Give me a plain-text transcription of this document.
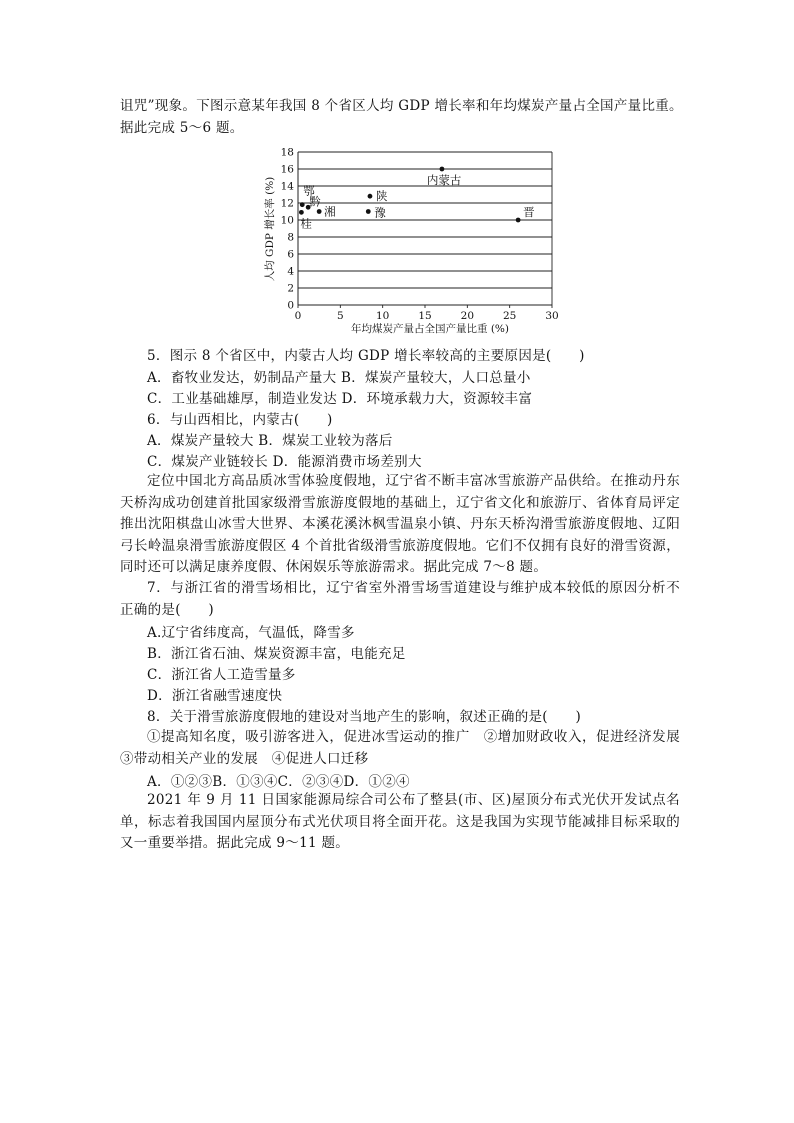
诅咒”现象。下图示意某年我国 8 个省区人均 GDP 增长率和年均煤炭产量占全国产量比重。
据此完成 5～6 题。
0
2
4
6
8
10
12
14
16
18
0	5	10	15	20	25	30
内蒙古
陕
豫	晋
鄂
黔
湘
桂
年均煤炭产量占全国产量比重 (%)
人均 GDP 增长率 (%)
5．图示 8 个省区中，内蒙古人均 GDP 增长率较高的主要原因是(　　)
A．畜牧业发达，奶制品产量大 B．煤炭产量较大，人口总量小
C．工业基础雄厚，制造业发达 D．环境承载力大，资源较丰富
6．与山西相比，内蒙古(　　)
A．煤炭产量较大 B．煤炭工业较为落后
C．煤炭产业链较长 D．能源消费市场差别大
定位中国北方高品质冰雪体验度假地，辽宁省不断丰富冰雪旅游产品供给。在推动丹东天桥沟成功创建首批国家级滑雪旅游度假地的基础上，辽宁省文化和旅游厅、省体育局评定推出沈阳棋盘山冰雪大世界、本溪花溪沐枫雪温泉小镇、丹东天桥沟滑雪旅游度假地、辽阳弓长岭温泉滑雪旅游度假区 4 个首批省级滑雪旅游度假地。它们不仅拥有良好的滑雪资源，同时还可以满足康养度假、休闲娱乐等旅游需求。据此完成 7～8 题。
7．与浙江省的滑雪场相比，辽宁省室外滑雪场雪道建设与维护成本较低的原因分析不正确的是(　　)
A.辽宁省纬度高，气温低，降雪多
B．浙江省石油、煤炭资源丰富，电能充足
C．浙江省人工造雪量多
D．浙江省融雪速度快
8．关于滑雪旅游度假地的建设对当地产生的影响，叙述正确的是(　　)
①提高知名度，吸引游客进入，促进冰雪运动的推广　②增加财政收入，促进经济发展③带动相关产业的发展　④促进人口迁移
A．①②③B．①③④C．②③④D．①②④
2021 年 9 月 11 日国家能源局综合司公布了整县(市、区)屋顶分布式光伏开发试点名单，标志着我国国内屋顶分布式光伏项目将全面开花。这是我国为实现节能减排目标采取的又一重要举措。据此完成 9～11 题。
